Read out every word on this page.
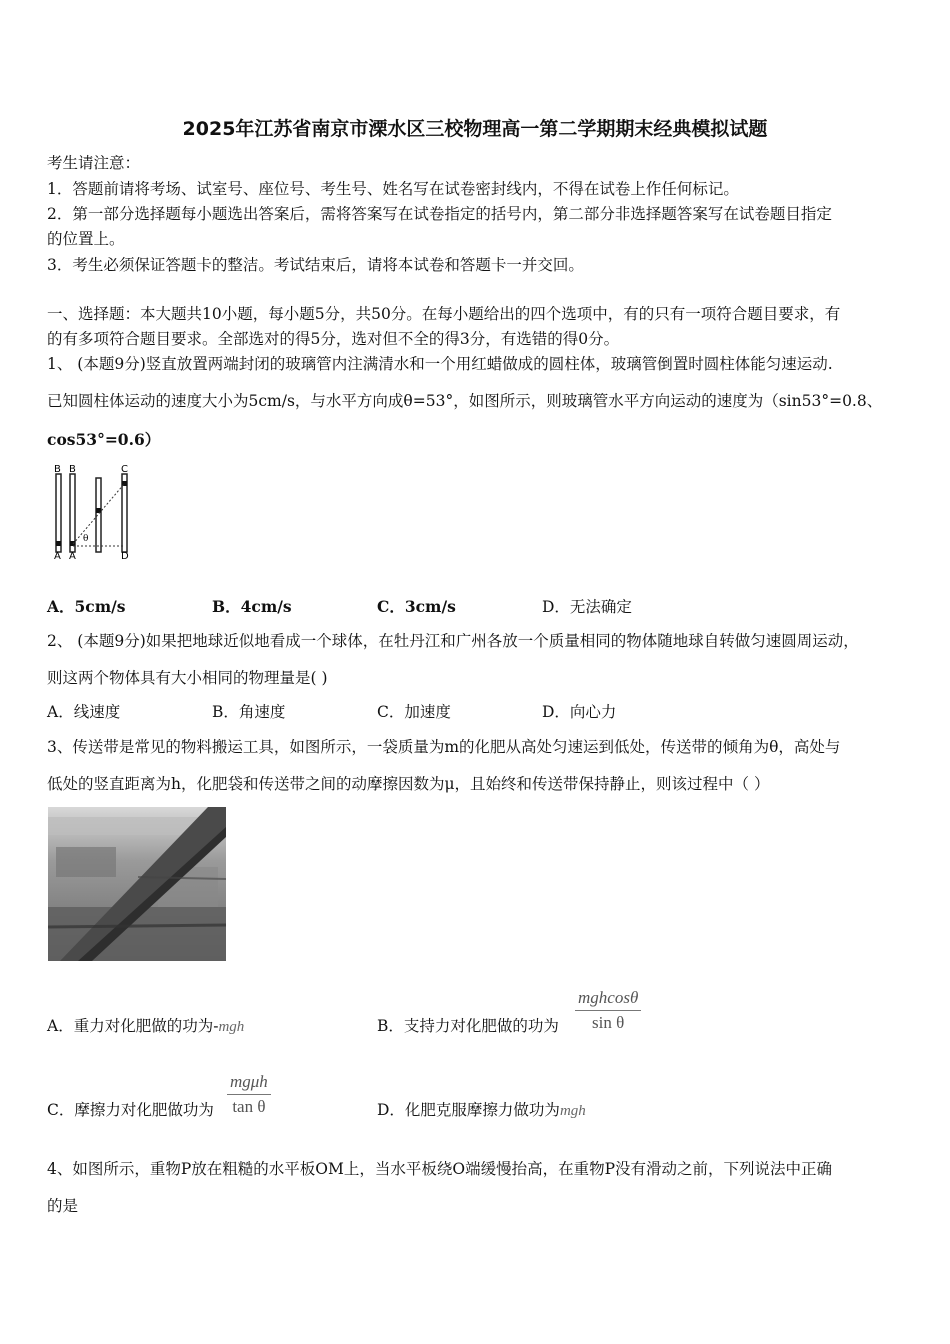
2025年江苏省南京市溧水区三校物理高一第二学期期末经典模拟试题
考生请注意：
1．答题前请将考场、试室号、座位号、考生号、姓名写在试卷密封线内，不得在试卷上作任何标记。
2．第一部分选择题每小题选出答案后，需将答案写在试卷指定的括号内，第二部分非选择题答案写在试卷题目指定
的位置上。
3．考生必须保证答题卡的整洁。考试结束后，请将本试卷和答题卡一并交回。
一、选择题：本大题共10小题，每小题5分，共50分。在每小题给出的四个选项中，有的只有一项符合题目要求，有
的有多项符合题目要求。全部选对的得5分，选对但不全的得3分，有选错的得0分。
1、 (本题9分)竖直放置两端封闭的玻璃管内注满清水和一个用红蜡做成的圆柱体，玻璃管倒置时圆柱体能匀速运动.
已知圆柱体运动的速度大小为5cm/s，与水平方向成θ=53°，如图所示，则玻璃管水平方向运动的速度为（sin53°=0.8、
cos53°=0.6）
B B	C
A A
θ
D
A．5cm/s	B．4cm/s	C．3cm/s	D．无法确定
2、 (本题9分)如果把地球近似地看成一个球体，在牡丹江和广州各放一个质量相同的物体随地球自转做匀速圆周运动，
则这两个物体具有大小相同的物理量是( )
A．线速度	B．角速度	C．加速度	D．向心力
3、传送带是常见的物料搬运工具，如图所示，一袋质量为m的化肥从高处匀速运到低处，传送带的倾角为θ，高处与
低处的竖直距离为h，化肥袋和传送带之间的动摩擦因数为μ，且始终和传送带保持静止，则该过程中（ ）
A．重力对化肥做的功为-mgh	B．支持力对化肥做的功为
mghcosθ
sin θ
C．摩擦力对化肥做功为
mgμh
tan θ	D．化肥克服摩擦力做功为mgh
4、如图所示，重物P放在粗糙的水平板OM上，当水平板绕O端缓慢抬高，在重物P没有滑动之前，下列说法中正确
的是
